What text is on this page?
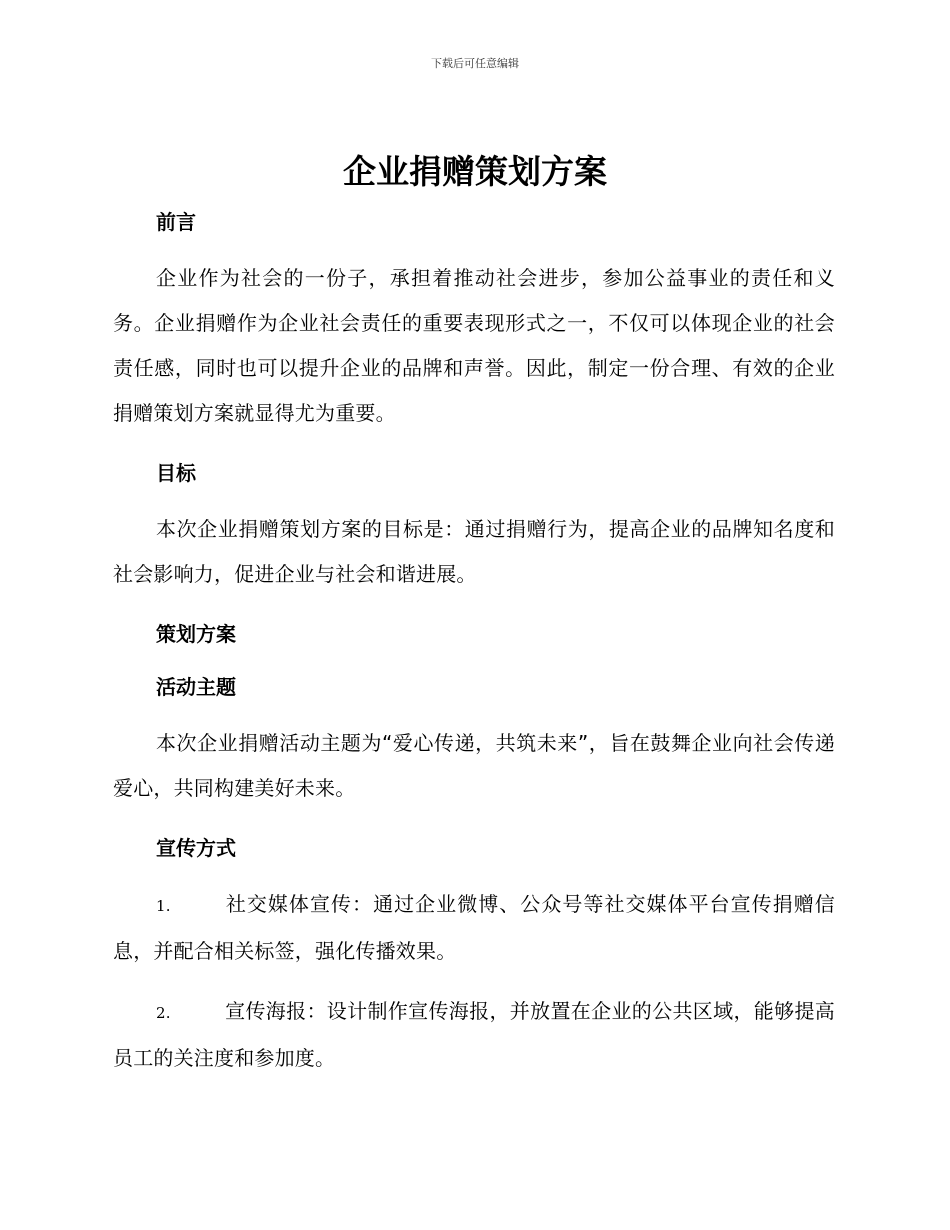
下载后可任意编辑
企业捐赠策划方案
前言

企业作为社会的一份子，承担着推动社会进步，参加公益事业的责任和义务。企业捐赠作为企业社会责任的重要表现形式之一，不仅可以体现企业的社会责任感，同时也可以提升企业的品牌和声誉。因此，制定一份合理、有效的企业捐赠策划方案就显得尤为重要。

目标

本次企业捐赠策划方案的目标是：通过捐赠行为，提高企业的品牌知名度和社会影响力，促进企业与社会和谐进展。

策划方案
活动主题

本次企业捐赠活动主题为“爱心传递，共筑未来”，旨在鼓舞企业向社会传递爱心，共同构建美好未来。

宣传方式

1.	社交媒体宣传：通过企业微博、公众号等社交媒体平台宣传捐赠信息，并配合相关标签，强化传播效果。

2.	宣传海报：设计制作宣传海报，并放置在企业的公共区域，能够提高员工的关注度和参加度。
